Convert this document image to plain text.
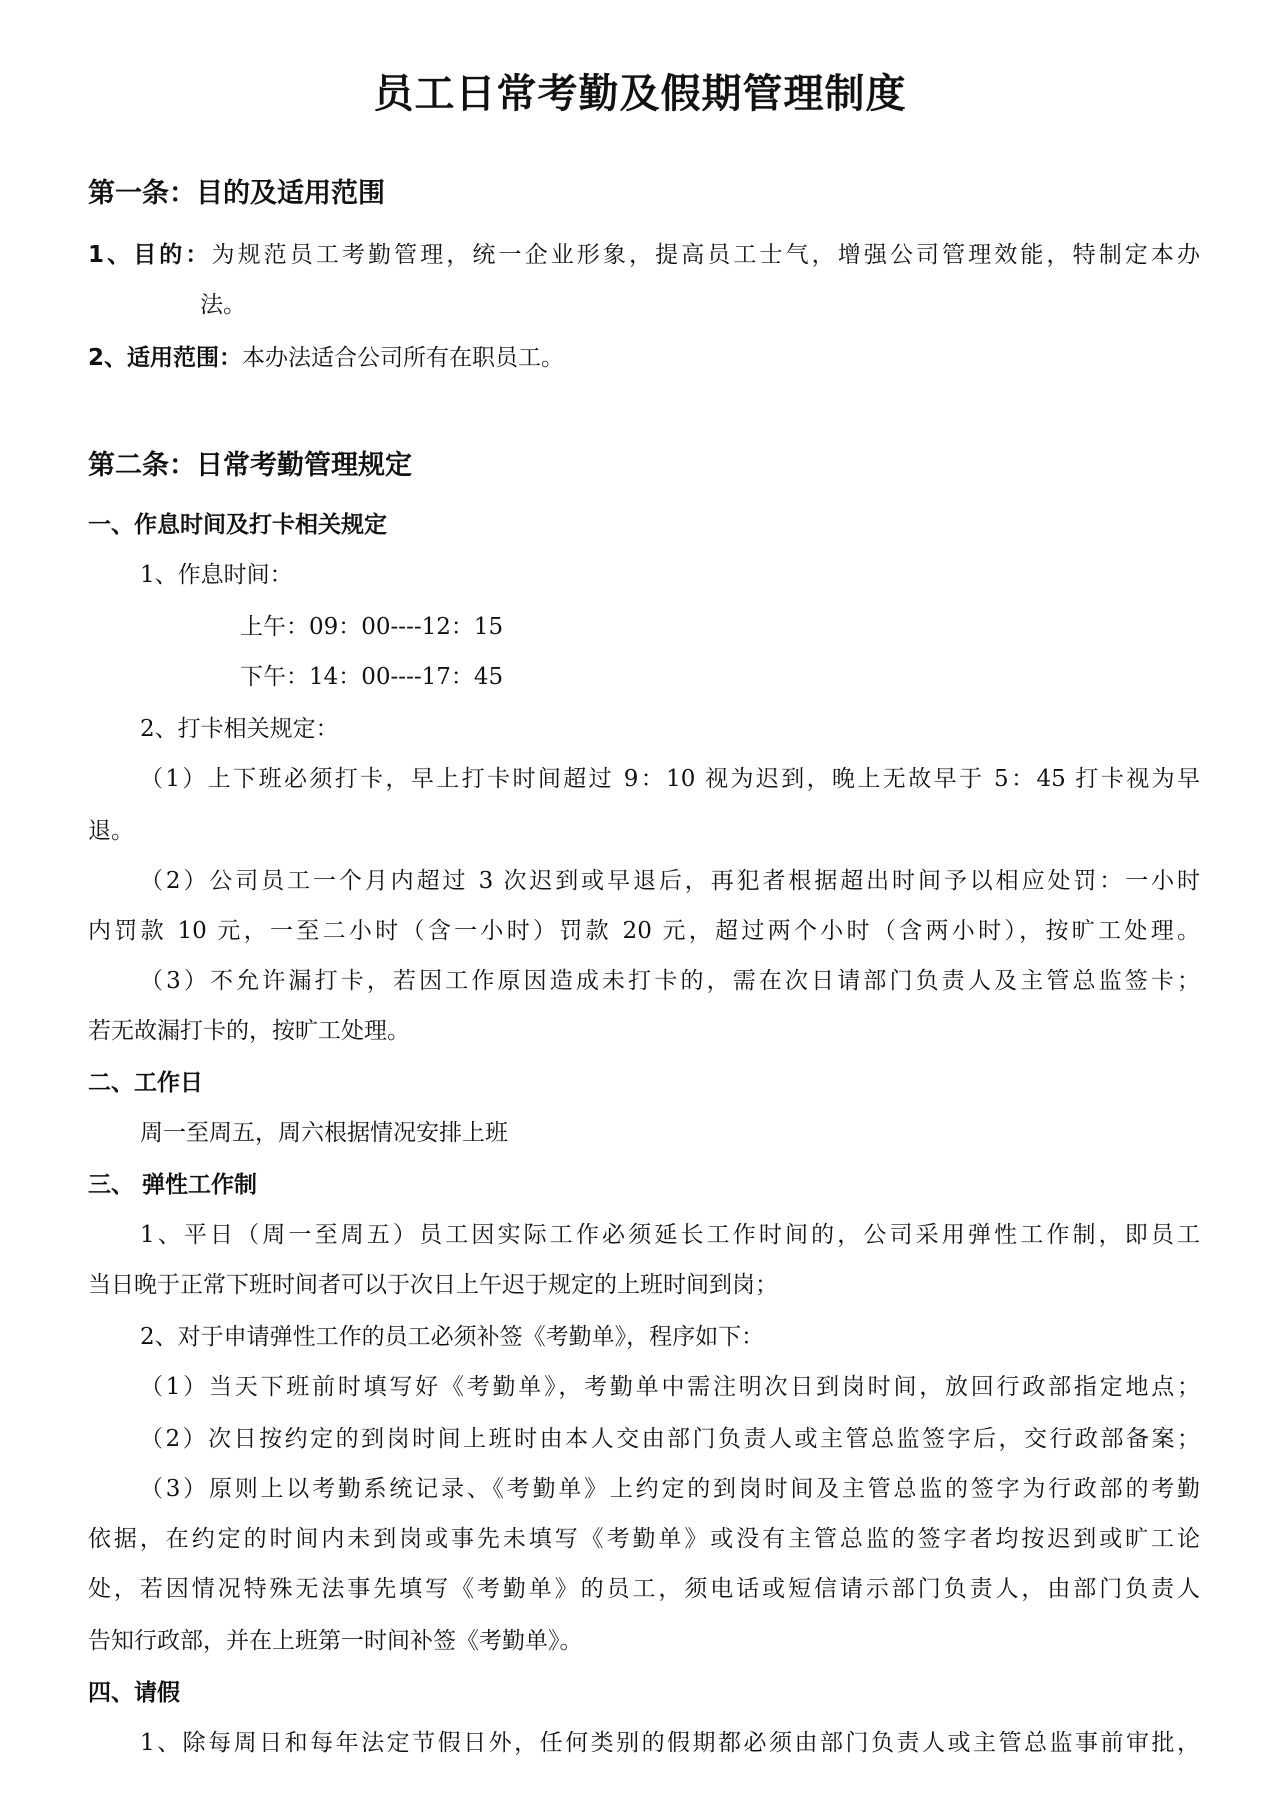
员工日常考勤及假期管理制度
第一条：目的及适用范围
1、目的：为规范员工考勤管理，统一企业形象，提高员工士气，增强公司管理效能，特制定本办
法。
2、适用范围：本办法适合公司所有在职员工。
第二条：日常考勤管理规定
一、作息时间及打卡相关规定
1、作息时间：
上午：09：00----12：15
下午：14：00----17：45
2、打卡相关规定：
（1）上下班必须打卡，早上打卡时间超过 9：10 视为迟到，晚上无故早于 5：45 打卡视为早
退。
（2）公司员工一个月内超过 3 次迟到或早退后，再犯者根据超出时间予以相应处罚：一小时
内罚款 10 元，一至二小时（含一小时）罚款 20 元，超过两个小时（含两小时），按旷工处理。
（3）不允许漏打卡，若因工作原因造成未打卡的，需在次日请部门负责人及主管总监签卡；
若无故漏打卡的，按旷工处理。
二、工作日
周一至周五，周六根据情况安排上班
三、 弹性工作制
1、平日（周一至周五）员工因实际工作必须延长工作时间的，公司采用弹性工作制，即员工
当日晚于正常下班时间者可以于次日上午迟于规定的上班时间到岗；
2、对于申请弹性工作的员工必须补签《考勤单》，程序如下：
（1）当天下班前时填写好《考勤单》，考勤单中需注明次日到岗时间，放回行政部指定地点；
（2）次日按约定的到岗时间上班时由本人交由部门负责人或主管总监签字后，交行政部备案；
（3）原则上以考勤系统记录、《考勤单》上约定的到岗时间及主管总监的签字为行政部的考勤
依据，在约定的时间内未到岗或事先未填写《考勤单》或没有主管总监的签字者均按迟到或旷工论
处，若因情况特殊无法事先填写《考勤单》的员工，须电话或短信请示部门负责人，由部门负责人
告知行政部，并在上班第一时间补签《考勤单》。
四、请假
1、除每周日和每年法定节假日外，任何类别的假期都必须由部门负责人或主管总监事前审批，
